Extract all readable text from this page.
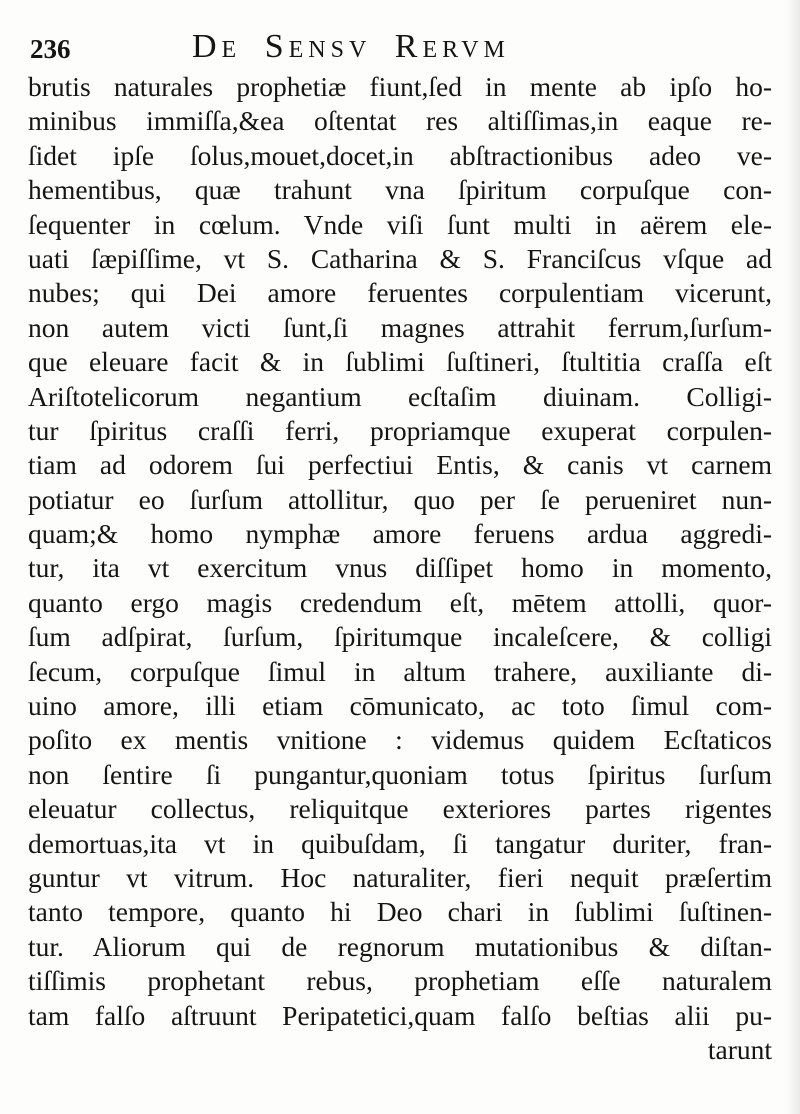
236	De Sensv Rervm
brutis naturales prophetiæ fiunt,ſed in mente ab ipſo ho-
minibus immiſſa,&ea oſtentat res altiſſimas,in eaque re-
ſidet ipſe ſolus,mouet,docet,in abſtractionibus adeo ve-
hementibus, quæ trahunt vna ſpiritum corpuſque con-
ſequenter in cœlum. Vnde viſi ſunt multi in aërem ele-
uati ſæpiſſime, vt S. Catharina & S. Franciſcus vſque ad
nubes; qui Dei amore feruentes corpulentiam vicerunt,
non autem victi ſunt,ſi magnes attrahit ferrum,ſurſum-
que eleuare facit & in ſublimi ſuſtineri, ſtultitia craſſa eſt
Ariſtotelicorum negantium ecſtaſim diuinam. Colligi-
tur ſpiritus craſſi ferri, propriamque exuperat corpulen-
tiam ad odorem ſui perfectiui Entis, & canis vt carnem
potiatur eo ſurſum attollitur, quo per ſe perueniret nun-
quam;& homo nymphæ amore feruens ardua aggredi-
tur, ita vt exercitum vnus diſſipet homo in momento,
quanto ergo magis credendum eſt, mētem attolli, quor-
ſum adſpirat, ſurſum, ſpiritumque incaleſcere, & colligi
ſecum, corpuſque ſimul in altum trahere, auxiliante di-
uino amore, illi etiam cōmunicato, ac toto ſimul com-
poſito ex mentis vnitione : videmus quidem Ecſtaticos
non ſentire ſi pungantur,quoniam totus ſpiritus ſurſum
eleuatur collectus, reliquitque exteriores partes rigentes
demortuas,ita vt in quibuſdam, ſi tangatur duriter, fran-
guntur vt vitrum. Hoc naturaliter, fieri nequit præſertim
tanto tempore, quanto hi Deo chari in ſublimi ſuſtinen-
tur. Aliorum qui de regnorum mutationibus & diſtan-
tiſſimis prophetant rebus, prophetiam eſſe naturalem
tam falſo aſtruunt Peripatetici,quam falſo beſtias alii pu-
tarunt
